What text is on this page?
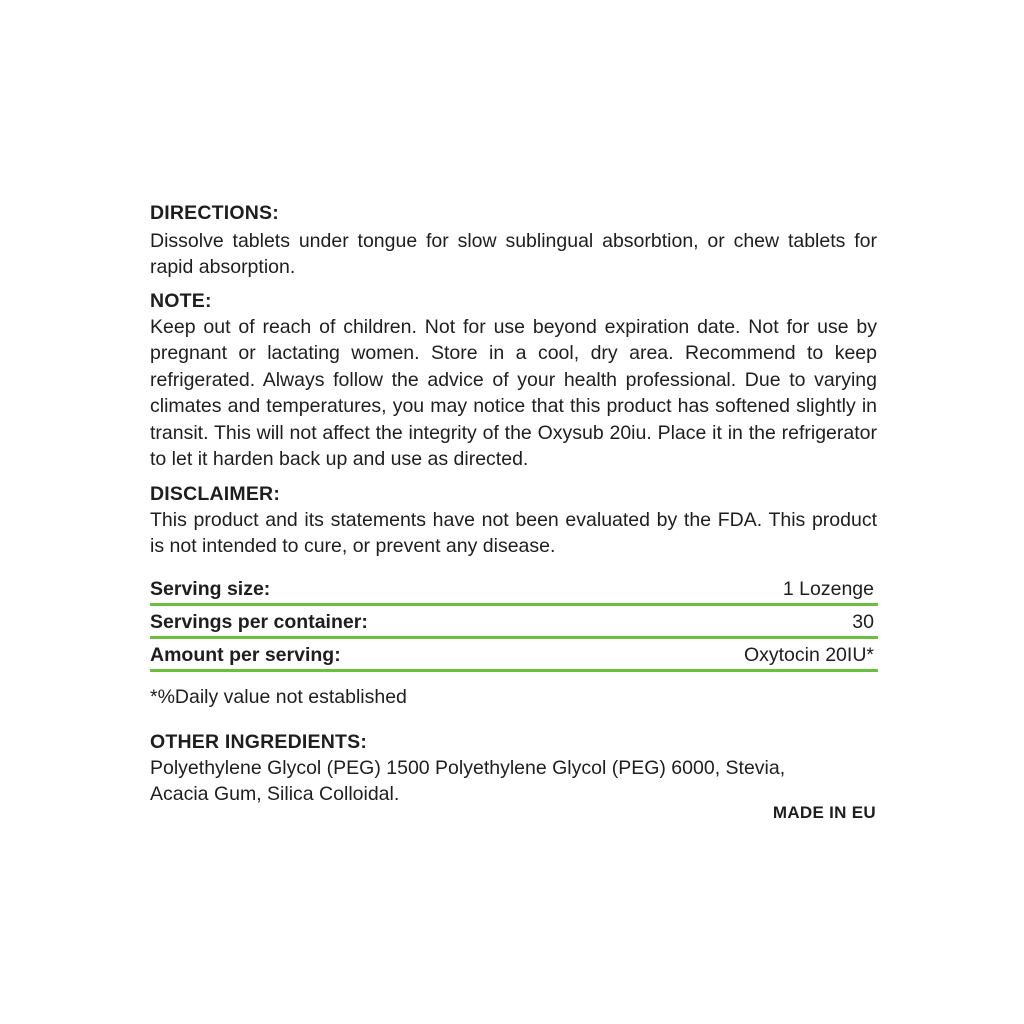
DIRECTIONS:

Dissolve tablets under tongue for slow sublingual absorbtion, or chew tablets for rapid absorption.

NOTE:

Keep out of reach of children. Not for use beyond expiration date. Not for use by pregnant or lactating women. Store in a cool, dry area. Recommend to keep refrigerated. Always follow the advice of your health professional. Due to varying climates and temperatures, you may notice that this product has softened slightly in transit. This will not affect the integrity of the Oxysub 20iu. Place it in the refrigerator to let it harden back up and use as directed.

DISCLAIMER:

This product and its statements have not been evaluated by the FDA. This product is not intended to cure, or prevent any disease.

Serving size:	1 Lozenge
Servings per container:	30
Amount per serving:	Oxytocin 20IU*

*%Daily value not established

OTHER INGREDIENTS:

Polyethylene Glycol (PEG) 1500 Polyethylene Glycol (PEG) 6000, Stevia, Acacia Gum, Silica Colloidal.

MADE IN EU
